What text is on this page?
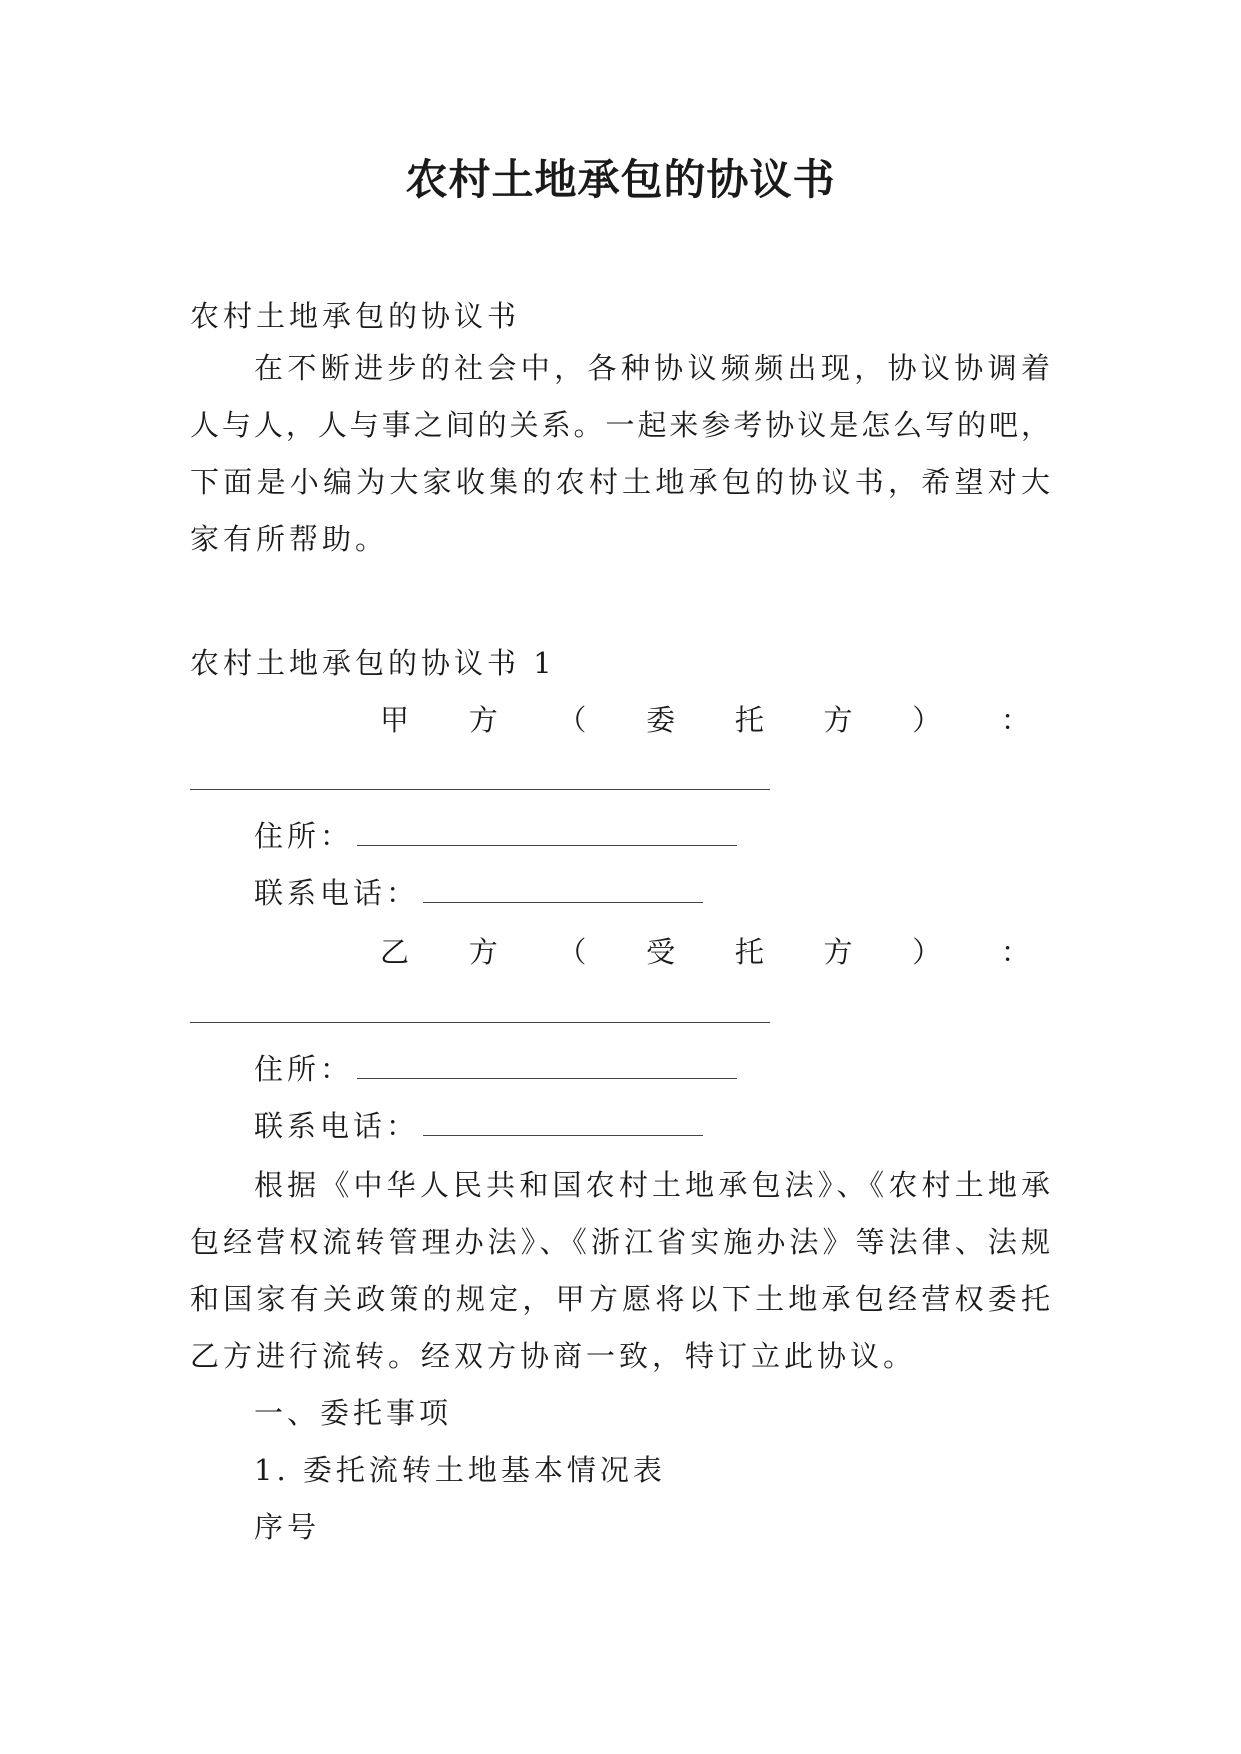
农村土地承包的协议书
农村土地承包的协议书
在不断进步的社会中，各种协议频频出现，协议协调着
人与人，人与事之间的关系。一起来参考协议是怎么写的吧，
下面是小编为大家收集的农村土地承包的协议书，希望对大
家有所帮助。
农村土地承包的协议书 1
甲 方 （ 委 托 方 ） ：
住所：
联系电话：
乙 方 （ 受 托 方 ） ：
住所：
联系电话：
根据《中华人民共和国农村土地承包法》、《农村土地承
包经营权流转管理办法》、《浙江省实施办法》等法律、法规
和国家有关政策的规定，甲方愿将以下土地承包经营权委托
乙方进行流转。经双方协商一致，特订立此协议。
一、委托事项
1. 委托流转土地基本情况表
序号
